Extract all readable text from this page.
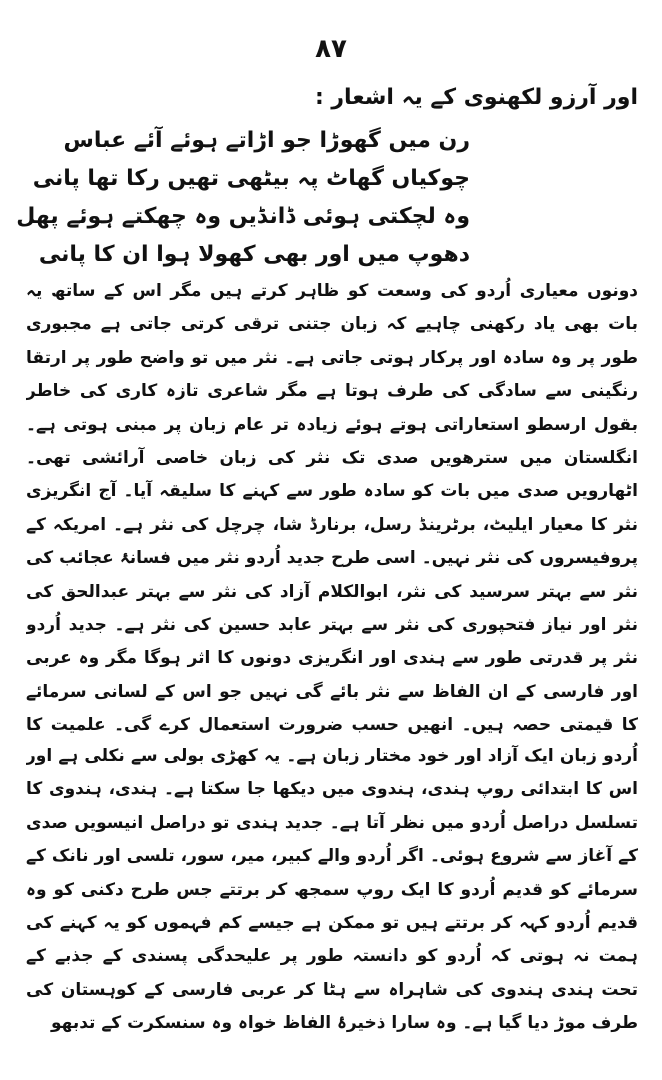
۸۷
اور آرزو لکھنوی کے یہ اشعار :
رن میں گھوڑا جو اڑاتے ہوئے آئے عباس
چوکیاں گھاٹ پہ بیٹھی تھیں رکا تھا پانی
وہ لچکتی ہوئی ڈانڈیں وہ چھکتے ہوئے پھل
دھوپ میں اور بھی کھولا ہوا ان کا پانی

دونوں معیاری اُردو کی وسعت کو ظاہر کرتے ہیں مگر اس کے ساتھ یہ بات بھی یاد رکھنی چاہیے کہ زبان جتنی ترقی کرتی جاتی ہے مجبوری طور پر وہ سادہ اور پرکار ہوتی جاتی ہے۔ نثر میں تو واضح طور پر ارتقا رنگینی سے سادگی کی طرف ہوتا ہے مگر شاعری تازہ کاری کی خاطر بقول ارسطو استعاراتی ہوتے ہوئے زیادہ تر عام زبان پر مبنی ہوتی ہے۔ انگلستان میں سترھویں صدی تک نثر کی زبان خاصی آرائشی تھی۔ اٹھارویں صدی میں بات کو سادہ طور سے کہنے کا سلیقہ آیا۔ آج انگریزی نثر کا معیار ایلیٹ، برٹرینڈ رسل، برنارڈ شا، چرچل کی نثر ہے۔ امریکہ کے پروفیسروں کی نثر نہیں۔ اسی طرح جدید اُردو نثر میں فسانۂ عجائب کی نثر سے بہتر سرسید کی نثر، ابوالکلام آزاد کی نثر سے بہتر عبدالحق کی نثر اور نیاز فتحپوری کی نثر سے بہتر عابد حسین کی نثر ہے۔ جدید اُردو نثر پر قدرتی طور سے ہندی اور انگریزی دونوں کا اثر ہوگا مگر وہ عربی اور فارسی کے ان الفاظ سے نثر بائے گی نہیں جو اس کے لسانی سرمائے کا قیمتی حصہ ہیں۔ انھیں حسب ضرورت استعمال کرے گی۔ علمیت کا

اُردو زبان ایک آزاد اور خود مختار زبان ہے۔ یہ کھڑی بولی سے نکلی ہے اور اس کا ابتدائی روپ ہندی، ہندوی میں دیکھا جا سکتا ہے۔ ہندی، ہندوی کا تسلسل دراصل اُردو میں نظر آتا ہے۔ جدید ہندی تو دراصل انیسویں صدی کے آغاز سے شروع ہوئی۔ اگر اُردو والے کبیر، میر، سور، تلسی اور نانک کے سرمائے کو قدیم اُردو کا ایک روپ سمجھ کر برتتے جس طرح دکنی کو وہ قدیم اُردو کہہ کر برتتے ہیں تو ممکن ہے جیسے کم فہموں کو یہ کہنے کی ہمت نہ ہوتی کہ اُردو کو دانستہ طور پر علیحدگی پسندی کے جذبے کے تحت ہندی ہندوی کی شاہراہ سے ہٹا کر عربی فارسی کے کوہستان کی طرف موڑ دیا گیا ہے۔ وہ سارا ذخیرۂ الفاظ خواہ وہ سنسکرت کے تدبھو
